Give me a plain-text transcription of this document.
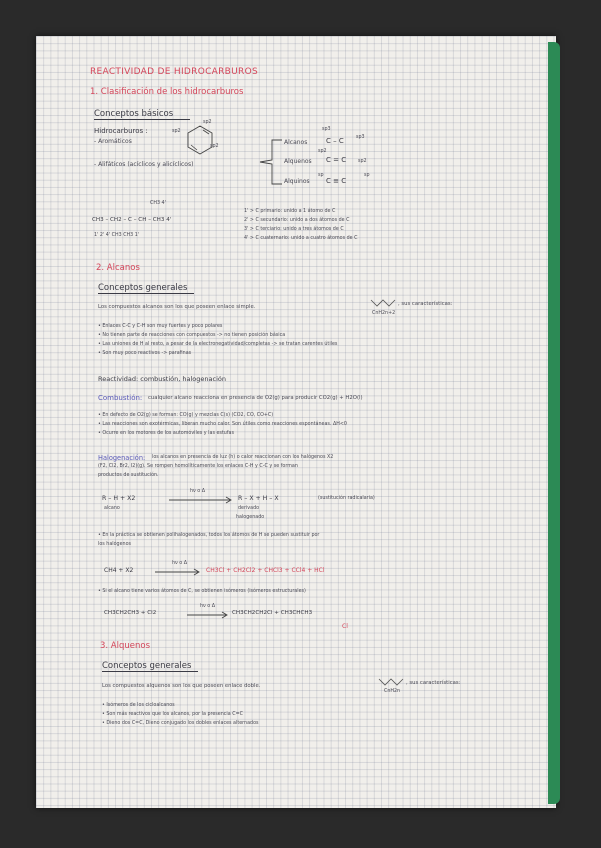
REACTIVIDAD DE HIDROCARBUROS
1. Clasificación de los hidrocarburos
Conceptos básicos
Hidrocarburos :
- Aromáticos
- Alifáticos (acíclicos y alicíclicos)
sp2
sp2
sp2
Alcanos
Alquenos
Alquinos
C – C
C = C
C ≡ C
sp3
sp3
sp2
sp2
sp	sp
CH3 4'
CH3 – CH2 – C – CH – CH3 4'
1' 2' 4' CH3 CH3 1'
1' > C primario: unido a 1 átomo de C
2' > C secundario: unido a dos átomos de C
3' > C terciario: unido a tres átomos de C
4' > C cuaternario: unido a cuatro átomos de C
2. Alcanos
Conceptos generales
Los compuestos alcanos son los que poseen enlace simple.
CnH2n+2
, sus características:
• Enlaces C-C y C-H son muy fuertes y poco polares
• No tienen parte de reacciones con compuestos -> no tienen posición básica
• Las uniones de H al resto, a pesar de la electronegatividad/completas -> se tratan carentes útiles
• Son muy poco reactivos -> parafinas
Reactividad: combustión, halogenación
Combustión: cualquier alcano reacciona en presencia de O2(g) para producir CO2(g) + H2O(l)
• En defecto de O2(g) se forman: CO(g) y mezclas C(s) (CO2, CO, CO+C)
• Las reacciones son exotérmicas, liberan mucho calor. Son útiles como reacciones espontáneas. ΔH<0
• Ocurre en los motores de los automóviles y las estufas
Halogenación: los alcanos en presencia de luz (h) o calor reaccionan con los halógenos X2
(F2, Cl2, Br2, I2)(g). Se rompen homolíticamente los enlaces C-H y C-C y se forman
productos de sustitución.
R – H + X2
hν o Δ
R – X + H – X	(sustitución radicalaria)
alcano	derivado
halogenado
• En la práctica se obtienen polihalogenados, todos los átomos de H se pueden sustituir por
los halógenos
CH4 + X2
hν o Δ
→ CH3Cl + CH2Cl2 + CHCl3 + CCl4 + HCl
• Si el alcano tiene varios átomos de C, se obtienen isómeros (isómeros estructurales)
CH3CH2CH3 + Cl2
hν o Δ
→ CH3CH2CH2Cl + CH3CHCH3
Cl
3. Alquenos
Conceptos generales
Los compuestos alquenos son los que poseen enlace doble.
CnH2n
, sus características:
• Isómeros de los cicloalcanos
• Son más reactivos que los alcanos, por la presencia C=C
• Dieno dos C=C, Dieno conjugado los dobles enlaces alternados
